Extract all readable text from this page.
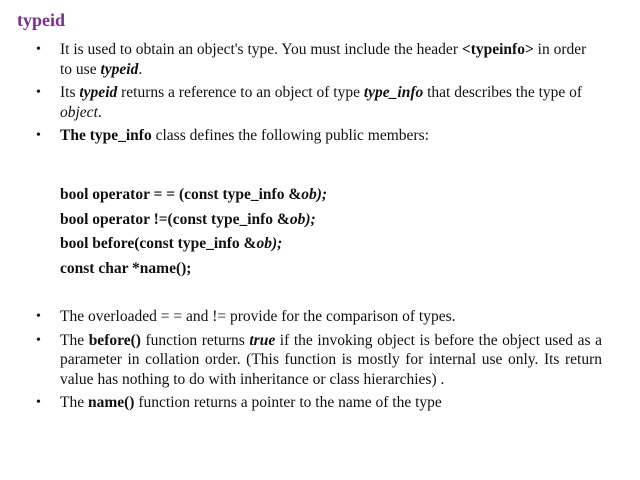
typeid
• It is used to obtain an object's type. You must include the header <typeinfo> in order to use typeid.
• Its typeid returns a reference to an object of type type_info that describes the type of object.
• The type_info class defines the following public members:
bool operator = = (const type_info &ob);
bool operator !=(const type_info &ob);
bool before(const type_info &ob);
const char *name();
• The overloaded = = and != provide for the comparison of types.
• The before() function returns true if the invoking object is before the object used as a parameter in collation order. (This function is mostly for internal use only. Its return value has nothing to do with inheritance or class hierarchies) .
• The name() function returns a pointer to the name of the type
